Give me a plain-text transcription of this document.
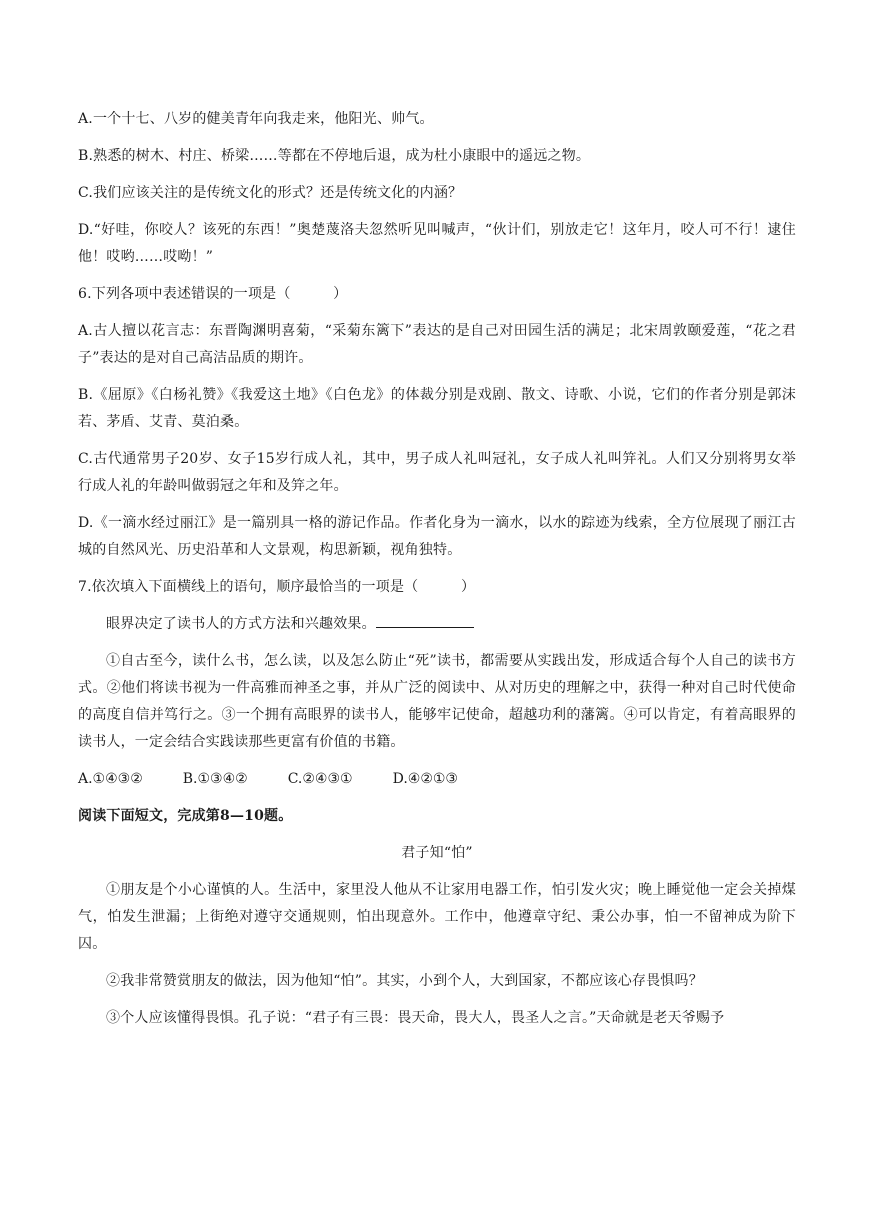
A.一个十七、八岁的健美青年向我走来，他阳光、帅气。

B.熟悉的树木、村庄、桥梁……等都在不停地后退，成为杜小康眼中的遥远之物。

C.我们应该关注的是传统文化的形式？还是传统文化的内涵？

D.“好哇，你咬人？该死的东西！”奥楚蔑洛夫忽然听见叫喊声，“伙计们，别放走它！这年月，咬人可不行！逮住他！哎哟……哎呦！”

6.下列各项中表述错误的一项是（　　　）

A.古人擅以花言志：东晋陶渊明喜菊，“采菊东篱下”表达的是自己对田园生活的满足；北宋周敦颐爱莲，“花之君子”表达的是对自己高洁品质的期许。

B.《屈原》《白杨礼赞》《我爱这土地》《白色龙》的体裁分别是戏剧、散文、诗歌、小说，它们的作者分别是郭沫若、茅盾、艾青、莫泊桑。

C.古代通常男子20岁、女子15岁行成人礼，其中，男子成人礼叫冠礼，女子成人礼叫笄礼。人们又分别将男女举行成人礼的年龄叫做弱冠之年和及笄之年。

D.《一滴水经过丽江》是一篇别具一格的游记作品。作者化身为一滴水，以水的踪迹为线索，全方位展现了丽江古城的自然风光、历史沿革和人文景观，构思新颖，视角独特。

7.依次填入下面横线上的语句，顺序最恰当的一项是（　　　）

眼界决定了读书人的方式方法和兴趣效果。

①自古至今，读什么书，怎么读，以及怎么防止“死”读书，都需要从实践出发，形成适合每个人自己的读书方式。②他们将读书视为一件高雅而神圣之事，并从广泛的阅读中、从对历史的理解之中，获得一种对自己时代使命的高度自信并笃行之。③一个拥有高眼界的读书人，能够牢记使命，超越功利的藩篱。④可以肯定，有着高眼界的读书人，一定会结合实践读那些更富有价值的书籍。

A.①④③②	B.①③④②	C.②④③①	D.④②①③

阅读下面短文，完成第8—10题。

君子知“怕”

①朋友是个小心谨慎的人。生活中，家里没人他从不让家用电器工作，怕引发火灾；晚上睡觉他一定会关掉煤气，怕发生泄漏；上街绝对遵守交通规则，怕出现意外。工作中，他遵章守纪、秉公办事，怕一不留神成为阶下囚。

②我非常赞赏朋友的做法，因为他知“怕”。其实，小到个人，大到国家，不都应该心存畏惧吗？

③个人应该懂得畏惧。孔子说：“君子有三畏：畏天命，畏大人，畏圣人之言。”天命就是老天爷赐予
